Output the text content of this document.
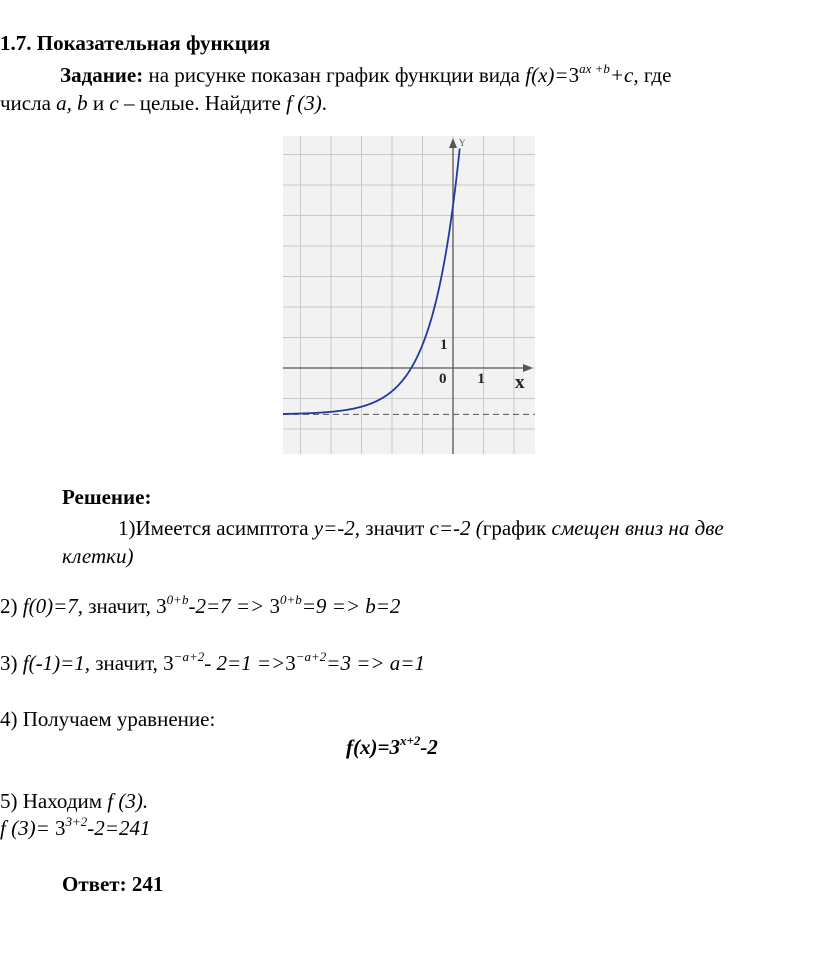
1.7. Показательная функция
Задание: на рисунке показан график функции вида $f(x)=3^{ax +b}+c$, где
числа a, b и c – целые. Найдите f (3).
Y
x
0 1
1
Решение:
1)Имеется асимптота y=-2, значит c=-2 (график смещен вниз на две
клетки)
2) f(0)=7, значит, $3^{0+b}-2=7 => 3^{0+b}=9 => b=2$
3) f(-1)=1, значит, $3^{-a+2}-$ $2=1 =>3^{-a+2}=3 => a=1$
4) Получаем уравнение:
$f(x)=3^{x+2}-2$
5) Находим f (3).
f $(3)= 3^{3+2}-2=241$
Ответ: 241
